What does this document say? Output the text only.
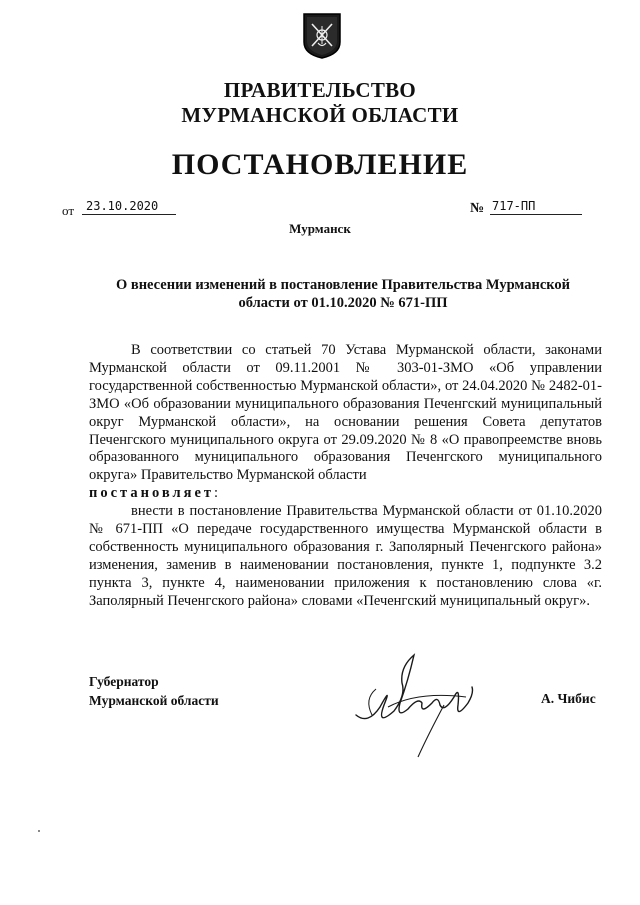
ПРАВИТЕЛЬСТВО
МУРМАНСКОЙ ОБЛАСТИ
ПОСТАНОВЛЕНИЕ
от 23.10.2020	№ 717-ПП
Мурманск
О внесении изменений в постановление Правительства Мурманской области от 01.10.2020 № 671-ПП

В соответствии со статьей 70 Устава Мурманской области, законами Мурманской области от 09.11.2001 № 303-01-ЗМО «Об управлении государственной собственностью Мурманской области», от 24.04.2020 № 2482-01-ЗМО «Об образовании муниципального образования Печенгский муниципальный округ Мурманской области», на основании решения Совета депутатов Печенгского муниципального округа от 29.09.2020 № 8 «О правопреемстве вновь образованного муниципального образования Печенгского муниципального округа» Правительство Мурманской области

постановляет:

внести в постановление Правительства Мурманской области от 01.10.2020 № 671-ПП «О передаче государственного имущества Мурманской области в собственность муниципального образования г. Заполярный Печенгского района» изменения, заменив в наименовании постановления, пункте 1, подпункте 3.2 пункта 3, пункте 4, наименовании приложения к постановлению слова «г. Заполярный Печенгского района» словами «Печенгский муниципальный округ».

Губернатор
Мурманской области	А. Чибис
